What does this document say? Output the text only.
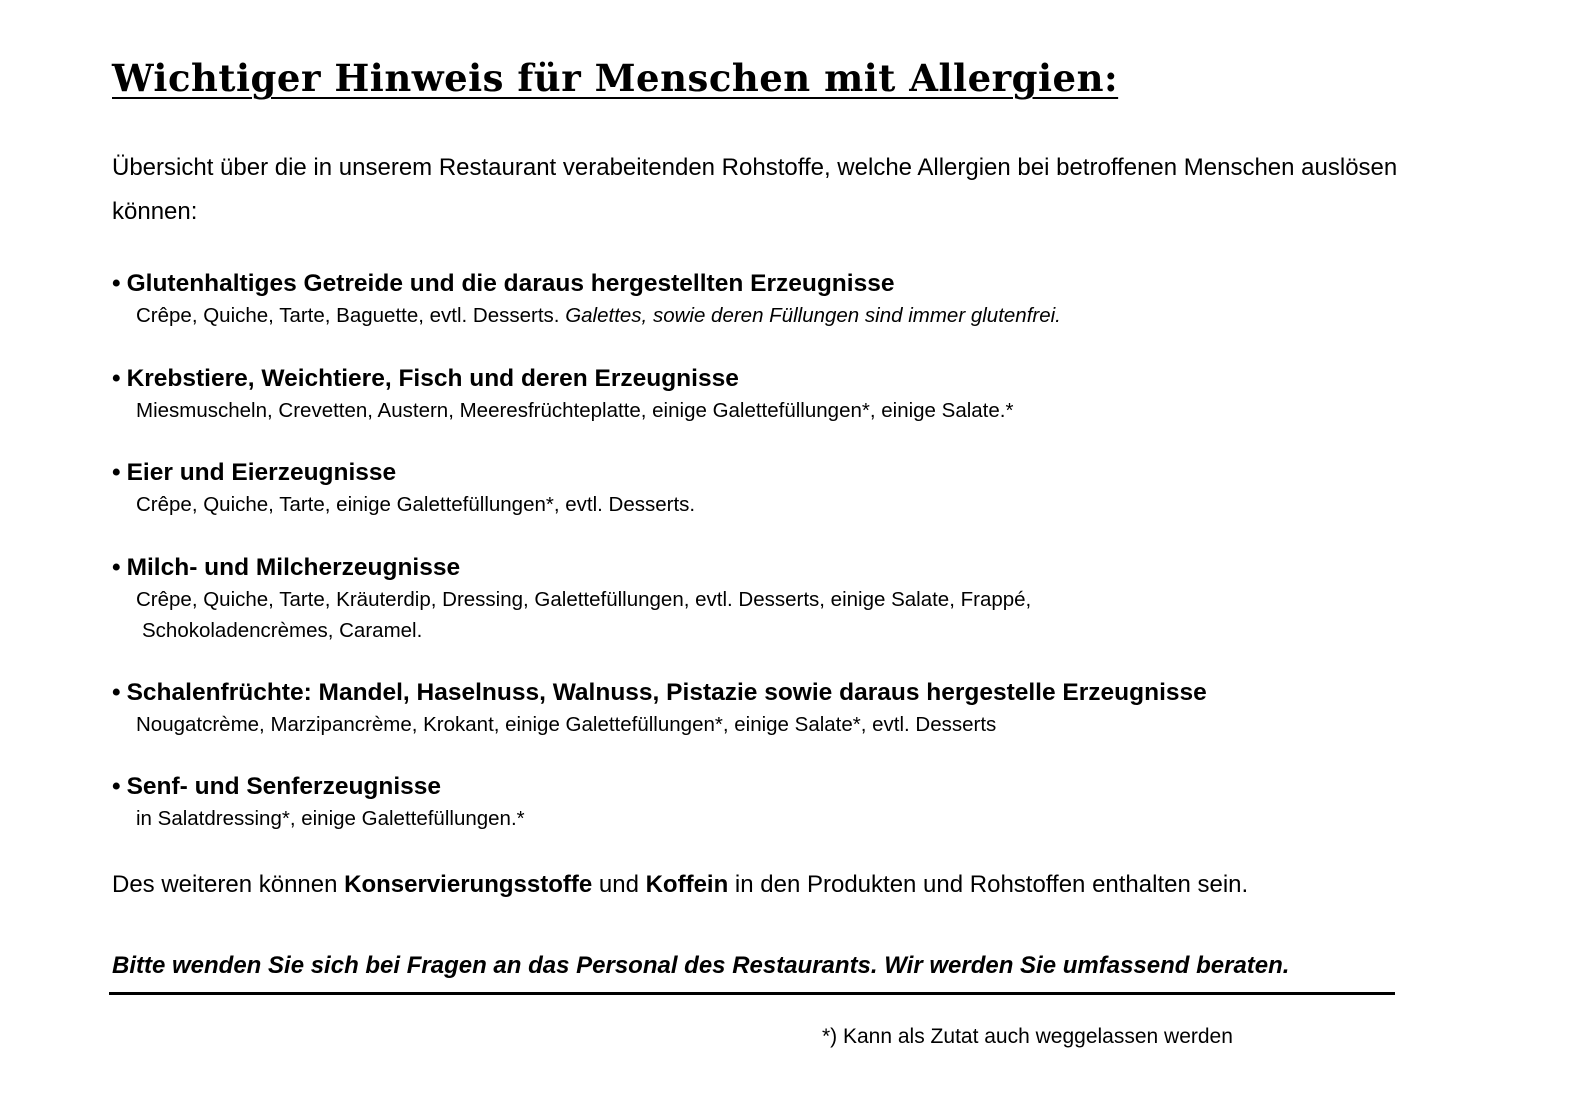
Wichtiger Hinweis für Menschen mit Allergien:

Übersicht über die in unserem Restaurant verabeitenden Rohstoffe, welche Allergien bei betroffenen Menschen auslösen können:

• Glutenhaltiges Getreide und die daraus hergestellten Erzeugnisse

Crêpe, Quiche, Tarte, Baguette, evtl. Desserts. Galettes, sowie deren Füllungen sind immer glutenfrei.

• Krebstiere, Weichtiere, Fisch und deren Erzeugnisse

Miesmuscheln, Crevetten, Austern, Meeresfrüchteplatte, einige Galettefüllungen*, einige Salate.*

• Eier und Eierzeugnisse

Crêpe, Quiche, Tarte, einige Galettefüllungen*, evtl. Desserts.

• Milch- und Milcherzeugnisse

Crêpe, Quiche, Tarte, Kräuterdip, Dressing, Galettefüllungen, evtl. Desserts, einige Salate, Frappé,
Schokoladencrèmes, Caramel.

• Schalenfrüchte: Mandel, Haselnuss, Walnuss, Pistazie sowie daraus hergestelle Erzeugnisse

Nougatcrème, Marzipancrème, Krokant, einige Galettefüllungen*, einige Salate*, evtl. Desserts

• Senf- und Senferzeugnisse

in Salatdressing*, einige Galettefüllungen.*

Des weiteren können Konservierungsstoffe und Koffein in den Produkten und Rohstoffen enthalten sein.

Bitte wenden Sie sich bei Fragen an das Personal des Restaurants. Wir werden Sie umfassend beraten.

*) Kann als Zutat auch weggelassen werden
